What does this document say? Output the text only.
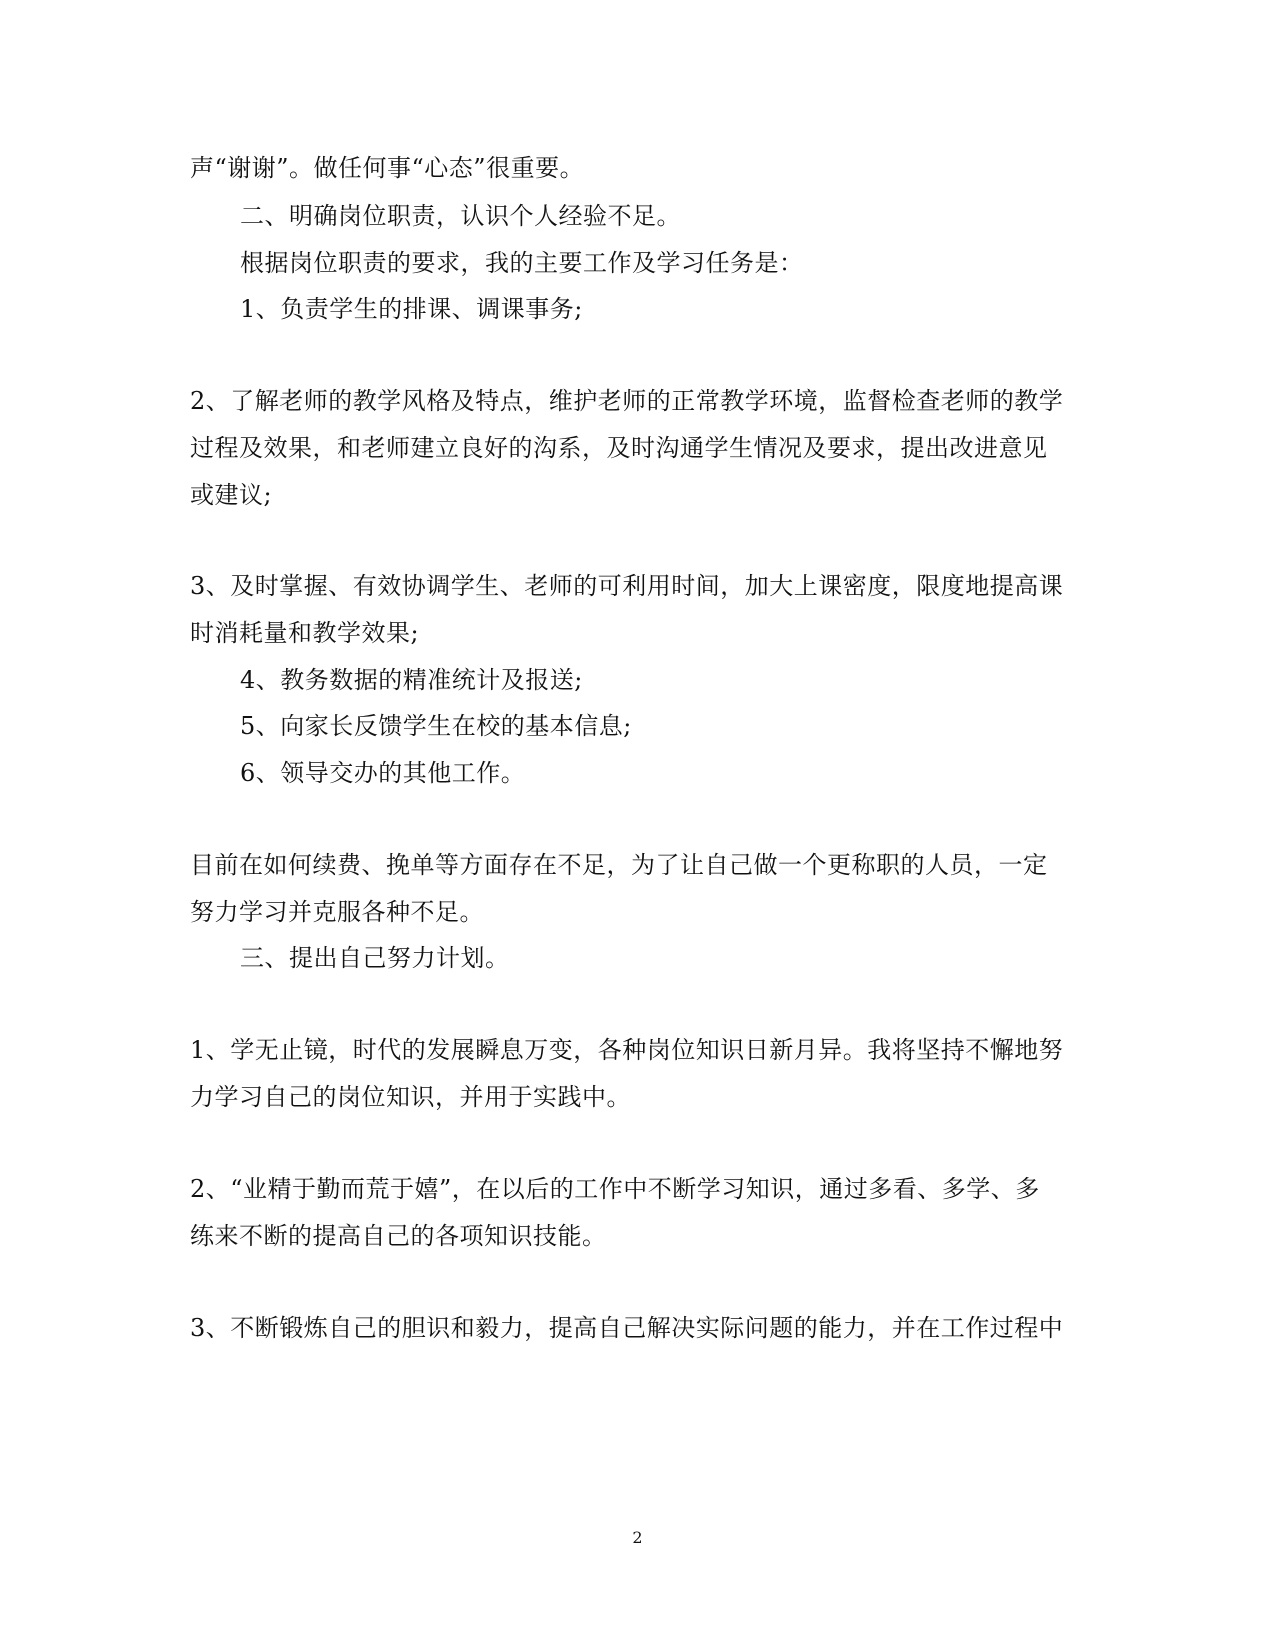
声“谢谢”。做任何事“心态”很重要。

二、明确岗位职责，认识个人经验不足。

根据岗位职责的要求，我的主要工作及学习任务是：

1、负责学生的排课、调课事务;

2、了解老师的教学风格及特点，维护老师的正常教学环境，监督检查老师的教学

过程及效果，和老师建立良好的沟系，及时沟通学生情况及要求，提出改进意见

或建议;

3、及时掌握、有效协调学生、老师的可利用时间，加大上课密度，限度地提高课

时消耗量和教学效果;

4、教务数据的精准统计及报送;

5、向家长反馈学生在校的基本信息;

6、领导交办的其他工作。

目前在如何续费、挽单等方面存在不足，为了让自己做一个更称职的人员，一定

努力学习并克服各种不足。

三、提出自己努力计划。

1、学无止镜，时代的发展瞬息万变，各种岗位知识日新月异。我将坚持不懈地努

力学习自己的岗位知识，并用于实践中。

2、“业精于勤而荒于嬉”，在以后的工作中不断学习知识，通过多看、多学、多

练来不断的提高自己的各项知识技能。

3、不断锻炼自己的胆识和毅力，提高自己解决实际问题的能力，并在工作过程中

2
